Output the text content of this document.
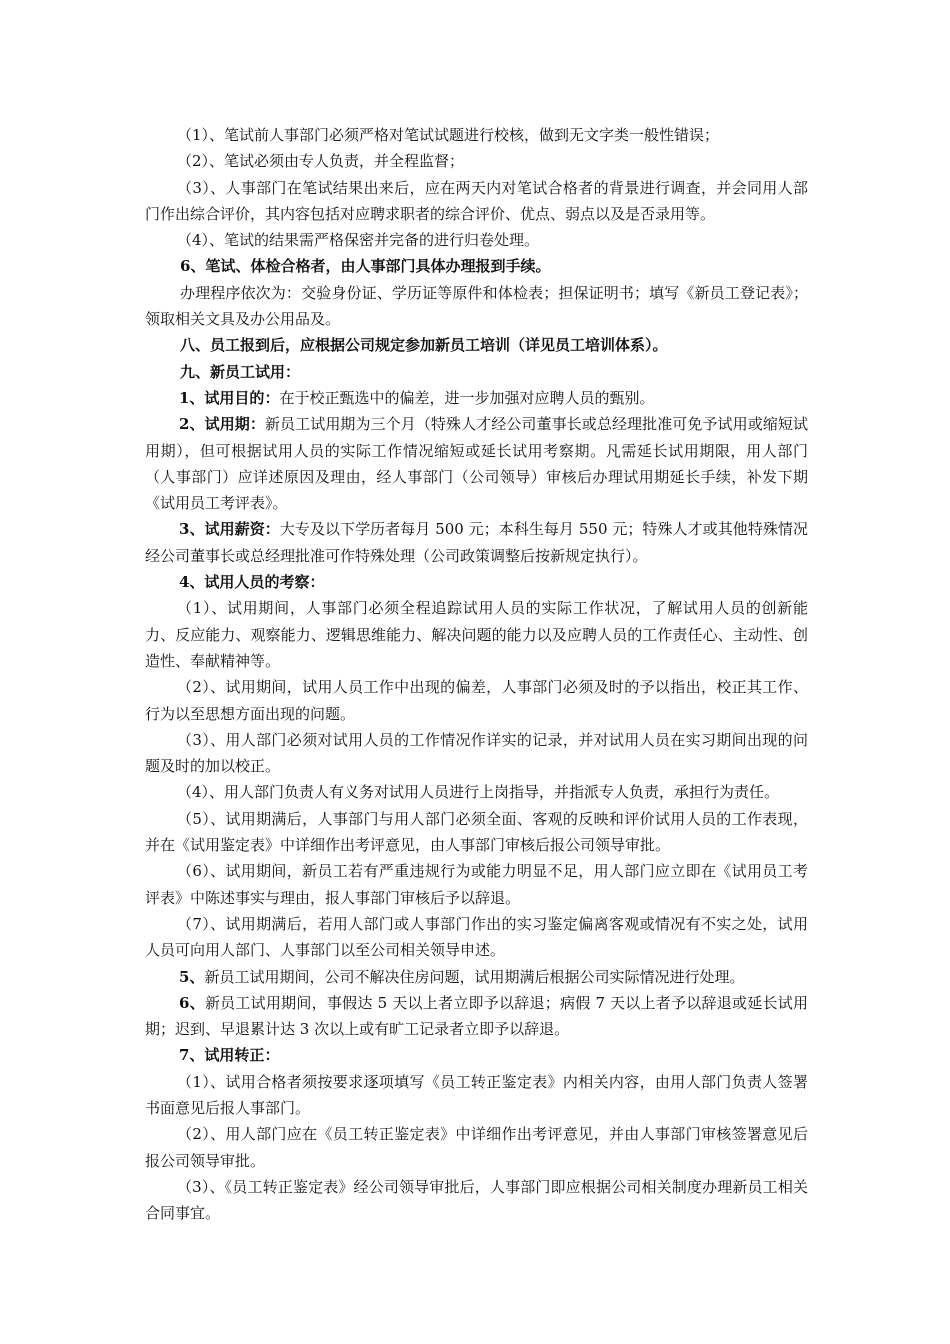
（1）、笔试前人事部门必须严格对笔试试题进行校核，做到无文字类一般性错误；

（2）、笔试必须由专人负责，并全程监督；

（3）、人事部门在笔试结果出来后，应在两天内对笔试合格者的背景进行调查，并会同用人部门作出综合评价，其内容包括对应聘求职者的综合评价、优点、弱点以及是否录用等。

（4）、笔试的结果需严格保密并完备的进行归卷处理。

6、笔试、体检合格者，由人事部门具体办理报到手续。

办理程序依次为：交验身份证、学历证等原件和体检表；担保证明书；填写《新员工登记表》；领取相关文具及办公用品及。

八、员工报到后，应根据公司规定参加新员工培训（详见员工培训体系）。

九、新员工试用：

1、试用目的：在于校正甄选中的偏差，进一步加强对应聘人员的甄别。

2、试用期：新员工试用期为三个月（特殊人才经公司董事长或总经理批准可免予试用或缩短试用期），但可根据试用人员的实际工作情况缩短或延长试用考察期。凡需延长试用期限，用人部门（人事部门）应详述原因及理由，经人事部门（公司领导）审核后办理试用期延长手续，补发下期《试用员工考评表》。

3、试用薪资：大专及以下学历者每月 500 元；本科生每月 550 元；特殊人才或其他特殊情况经公司董事长或总经理批准可作特殊处理（公司政策调整后按新规定执行）。

4、试用人员的考察：

（1）、试用期间，人事部门必须全程追踪试用人员的实际工作状况，了解试用人员的创新能力、反应能力、观察能力、逻辑思维能力、解决问题的能力以及应聘人员的工作责任心、主动性、创造性、奉献精神等。

（2）、试用期间，试用人员工作中出现的偏差，人事部门必须及时的予以指出，校正其工作、行为以至思想方面出现的问题。

（3）、用人部门必须对试用人员的工作情况作详实的记录，并对试用人员在实习期间出现的问题及时的加以校正。

（4）、用人部门负责人有义务对试用人员进行上岗指导，并指派专人负责，承担行为责任。

（5）、试用期满后，人事部门与用人部门必须全面、客观的反映和评价试用人员的工作表现，并在《试用鉴定表》中详细作出考评意见，由人事部门审核后报公司领导审批。

（6）、试用期间，新员工若有严重违规行为或能力明显不足，用人部门应立即在《试用员工考评表》中陈述事实与理由，报人事部门审核后予以辞退。

（7）、试用期满后，若用人部门或人事部门作出的实习鉴定偏离客观或情况有不实之处，试用人员可向用人部门、人事部门以至公司相关领导申述。

5、新员工试用期间，公司不解决住房问题，试用期满后根据公司实际情况进行处理。

6、新员工试用期间，事假达 5 天以上者立即予以辞退；病假 7 天以上者予以辞退或延长试用期；迟到、早退累计达 3 次以上或有旷工记录者立即予以辞退。

7、试用转正：

（1）、试用合格者须按要求逐项填写《员工转正鉴定表》内相关内容，由用人部门负责人签署书面意见后报人事部门。

（2）、用人部门应在《员工转正鉴定表》中详细作出考评意见，并由人事部门审核签署意见后报公司领导审批。

（3）、《员工转正鉴定表》经公司领导审批后，人事部门即应根据公司相关制度办理新员工相关合同事宜。
